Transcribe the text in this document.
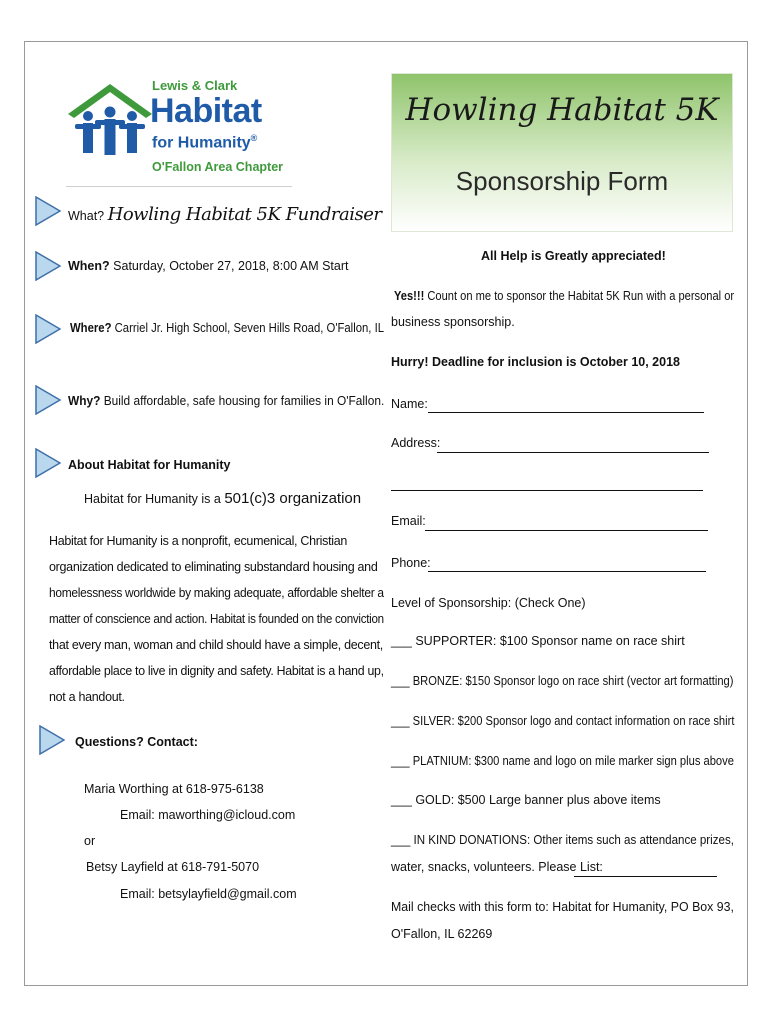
Lewis & Clark
Habitat
for Humanity®
O'Fallon Area Chapter
Howling Habitat 5K
Sponsorship Form
What? Howling Habitat 5K Fundraiser
When? Saturday, October 27, 2018, 8:00 AM Start
Where? Carriel Jr. High School, Seven Hills Road, O'Fallon, IL
Why? Build affordable, safe housing for families in O'Fallon.
About Habitat for Humanity
Habitat for Humanity is a 501(c)3 organization
Habitat for Humanity is a nonprofit, ecumenical, Christian
organization dedicated to eliminating substandard housing and
homelessness worldwide by making adequate, affordable shelter a
matter of conscience and action. Habitat is founded on the conviction
that every man, woman and child should have a simple, decent,
affordable place to live in dignity and safety. Habitat is a hand up,
not a handout.
Questions? Contact:
Maria Worthing at 618-975-6138
Email: maworthing@icloud.com
or
Betsy Layfield at 618-791-5070
Email: betsylayfield@gmail.com
All Help is Greatly appreciated!
Yes!!! Count on me to sponsor the Habitat 5K Run with a personal or
business sponsorship.
Hurry! Deadline for inclusion is October 10, 2018
Name:
Address:
Email:
Phone:
Level of Sponsorship: (Check One)
___ SUPPORTER: $100 Sponsor name on race shirt
___ BRONZE: $150 Sponsor logo on race shirt (vector art formatting)
___ SILVER: $200 Sponsor logo and contact information on race shirt
___ PLATNIUM: $300 name and logo on mile marker sign plus above
___ GOLD: $500 Large banner plus above items
___ IN KIND DONATIONS: Other items such as attendance prizes,
water, snacks, volunteers. Please List:
Mail checks with this form to: Habitat for Humanity, PO Box 93,
O'Fallon, IL 62269
